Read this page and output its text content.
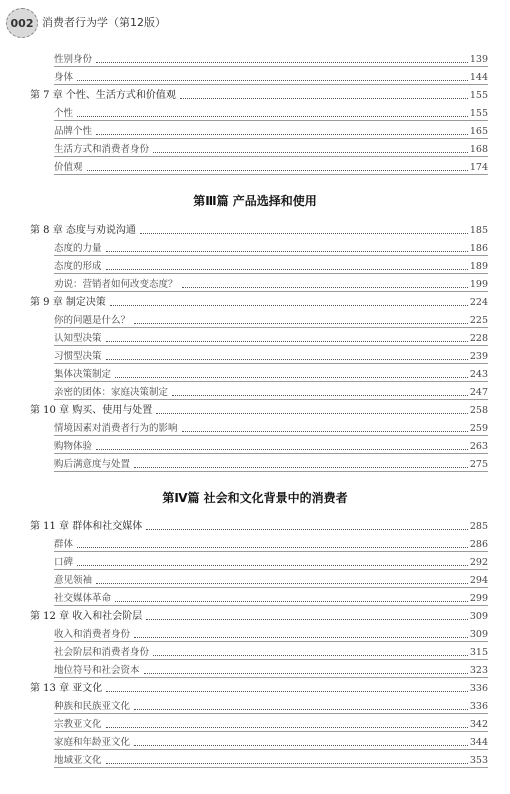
002 消费者行为学（第12版）
性别身份	139
身体	144
第 7 章 个性、生活方式和价值观	155
个性	155
品牌个性	165
生活方式和消费者身份	168
价值观	174
第Ⅲ篇 产品选择和使用
第 8 章 态度与劝说沟通	185
态度的力量	186
态度的形成	189
劝说：营销者如何改变态度？	199
第 9 章 制定决策	224
你的问题是什么？	225
认知型决策	228
习惯型决策	239
集体决策制定	243
亲密的团体：家庭决策制定	247
第 10 章 购买、使用与处置	258
情境因素对消费者行为的影响	259
购物体验	263
购后满意度与处置	275
第Ⅳ篇 社会和文化背景中的消费者
第 11 章 群体和社交媒体	285
群体	286
口碑	292
意见领袖	294
社交媒体革命	299
第 12 章 收入和社会阶层	309
收入和消费者身份	309
社会阶层和消费者身份	315
地位符号和社会资本	323
第 13 章 亚文化	336
种族和民族亚文化	336
宗教亚文化	342
家庭和年龄亚文化	344
地域亚文化	353
